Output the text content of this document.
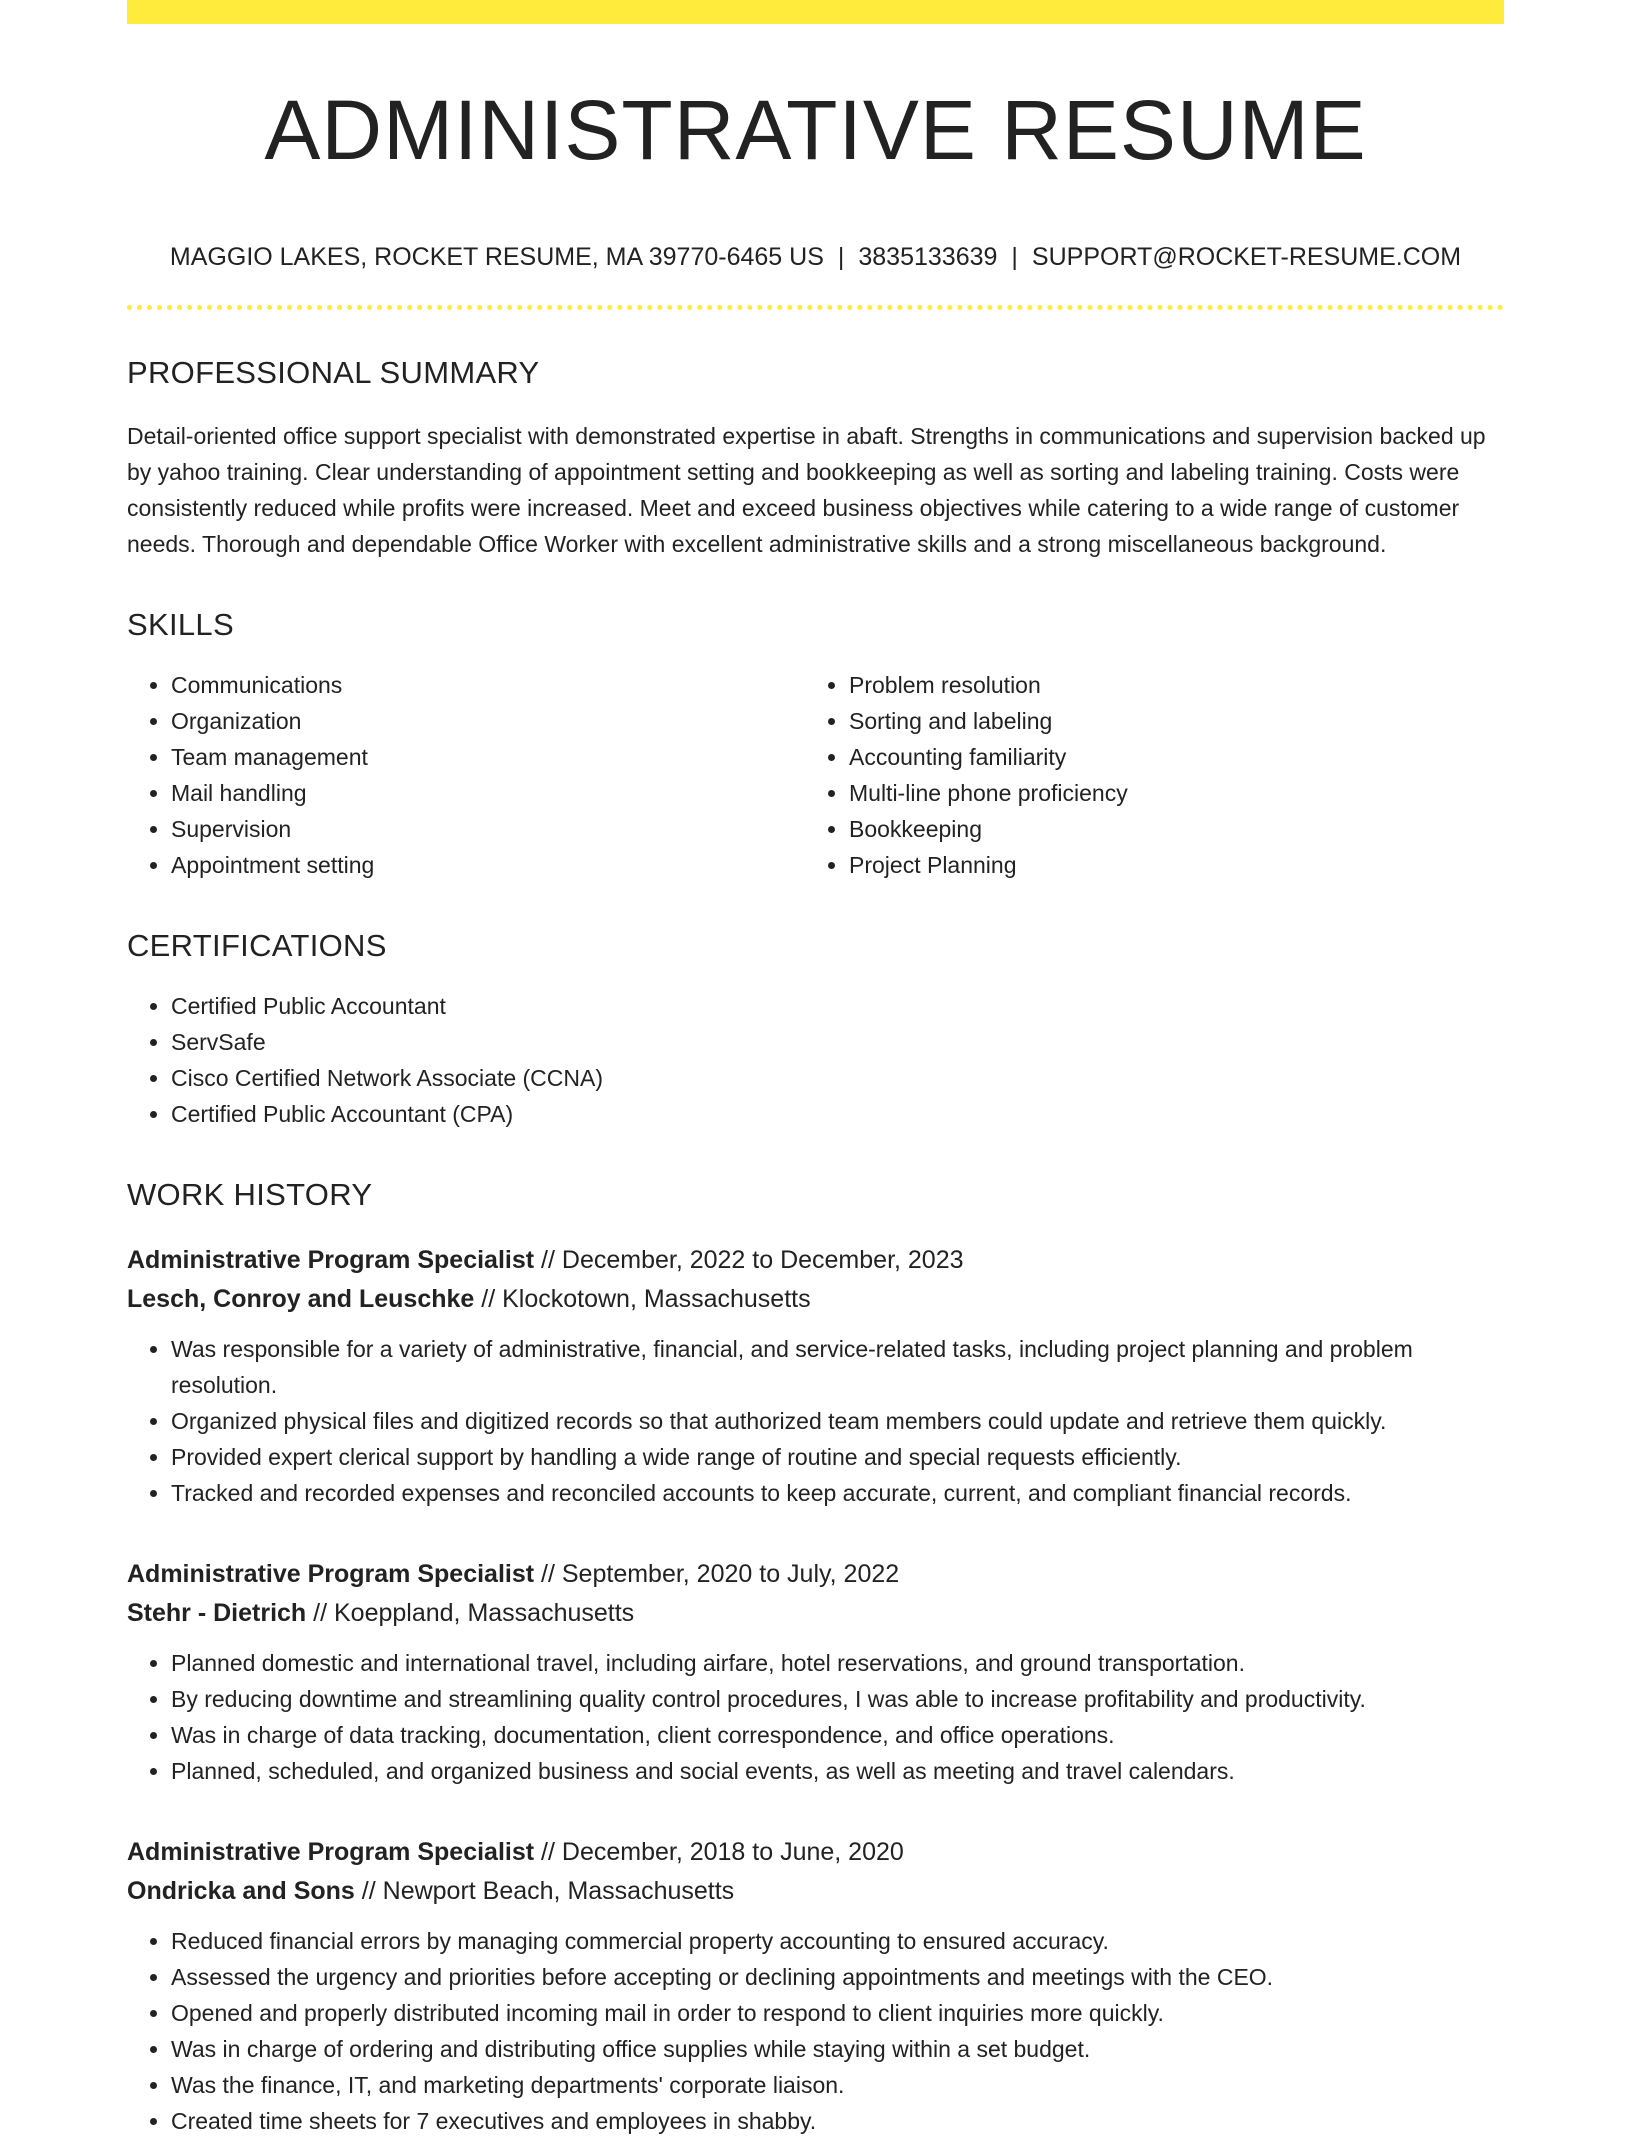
ADMINISTRATIVE RESUME
MAGGIO LAKES, ROCKET RESUME, MA 39770-6465 US | 3835133639 | SUPPORT@ROCKET-RESUME.COM
PROFESSIONAL SUMMARY

Detail-oriented office support specialist with demonstrated expertise in abaft. Strengths in communications and supervision backed up by yahoo training. Clear understanding of appointment setting and bookkeeping as well as sorting and labeling training. Costs were consistently reduced while profits were increased. Meet and exceed business objectives while catering to a wide range of customer needs. Thorough and dependable Office Worker with excellent administrative skills and a strong miscellaneous background.

SKILLS
• Communications
• Organization
• Team management
• Mail handling
• Supervision
• Appointment setting
• Problem resolution
• Sorting and labeling
• Accounting familiarity
• Multi-line phone proficiency
• Bookkeeping
• Project Planning
CERTIFICATIONS
• Certified Public Accountant
• ServSafe
• Cisco Certified Network Associate (CCNA)
• Certified Public Accountant (CPA)
WORK HISTORY
Administrative Program Specialist // December, 2022 to December, 2023
Lesch, Conroy and Leuschke // Klockotown, Massachusetts
• Was responsible for a variety of administrative, financial, and service-related tasks, including project planning and problem resolution.
• Organized physical files and digitized records so that authorized team members could update and retrieve them quickly.
• Provided expert clerical support by handling a wide range of routine and special requests efficiently.
• Tracked and recorded expenses and reconciled accounts to keep accurate, current, and compliant financial records.
Administrative Program Specialist // September, 2020 to July, 2022
Stehr - Dietrich // Koeppland, Massachusetts
• Planned domestic and international travel, including airfare, hotel reservations, and ground transportation.
• By reducing downtime and streamlining quality control procedures, I was able to increase profitability and productivity.
• Was in charge of data tracking, documentation, client correspondence, and office operations.
• Planned, scheduled, and organized business and social events, as well as meeting and travel calendars.
Administrative Program Specialist // December, 2018 to June, 2020
Ondricka and Sons // Newport Beach, Massachusetts
• Reduced financial errors by managing commercial property accounting to ensured accuracy.
• Assessed the urgency and priorities before accepting or declining appointments and meetings with the CEO.
• Opened and properly distributed incoming mail in order to respond to client inquiries more quickly.
• Was in charge of ordering and distributing office supplies while staying within a set budget.
• Was the finance, IT, and marketing departments' corporate liaison.
• Created time sheets for 7 executives and employees in shabby.
